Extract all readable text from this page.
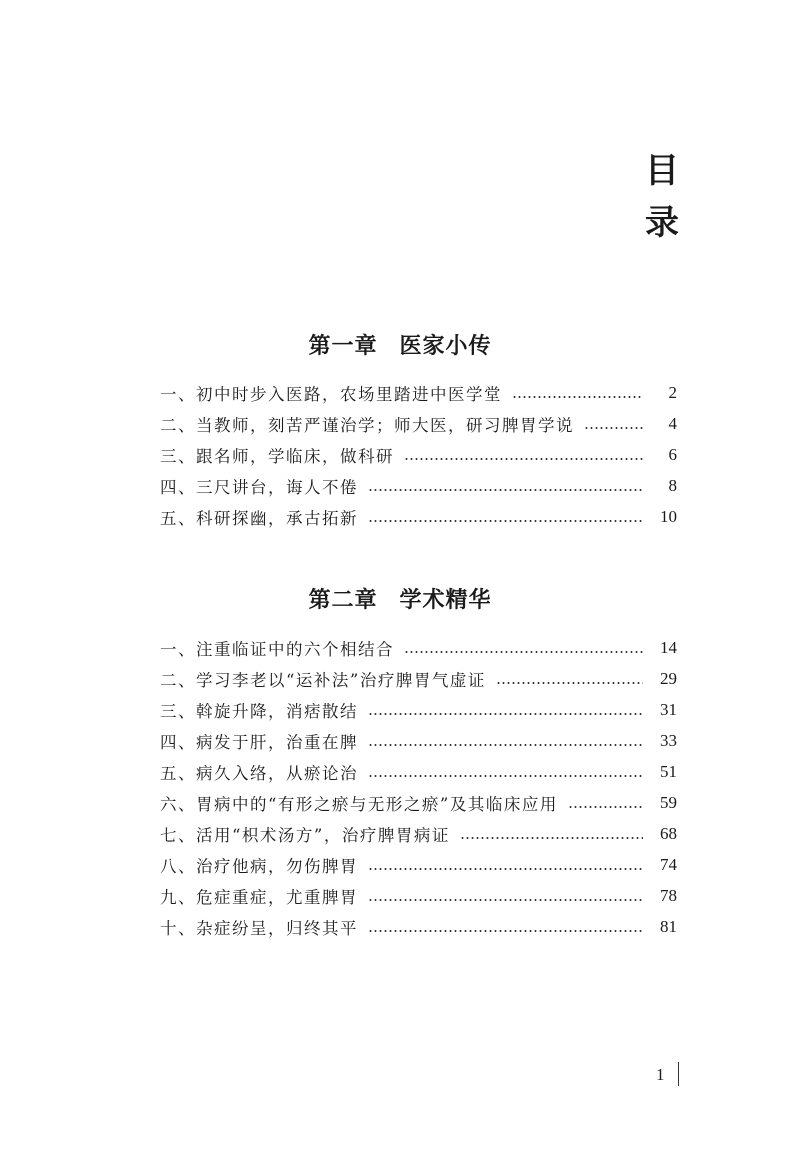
目
录
第一章 医家小传
一、初中时步入医路，农场里踏进中医学堂	2
二、当教师，刻苦严谨治学；师大医，研习脾胃学说	4
三、跟名师，学临床，做科研	6
四、三尺讲台，诲人不倦	8
五、科研探幽，承古拓新	10
第二章 学术精华
一、注重临证中的六个相结合	14
二、学习李老以“运补法”治疗脾胃气虚证	29
三、斡旋升降，消痞散结	31
四、病发于肝，治重在脾	33
五、病久入络，从瘀论治	51
六、胃病中的“有形之瘀与无形之瘀”及其临床应用	59
七、活用“枳术汤方”，治疗脾胃病证	68
八、治疗他病，勿伤脾胃	74
九、危症重症，尤重脾胃	78
十、杂症纷呈，归终其平	81
1
